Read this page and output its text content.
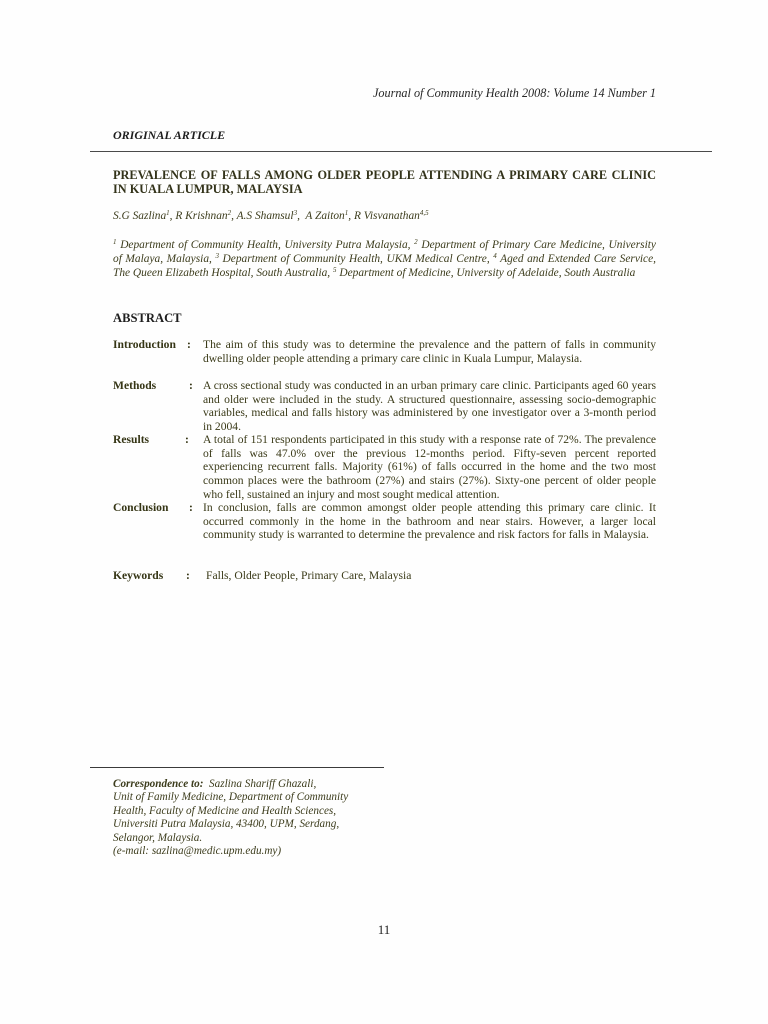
Journal of Community Health 2008: Volume 14 Number 1
ORIGINAL ARTICLE
PREVALENCE OF FALLS AMONG OLDER PEOPLE ATTENDING A PRIMARY CARE CLINIC IN KUALA LUMPUR, MALAYSIA
S.G Sazlina$^1$, R Krishnan$^2$, A.S Shamsul$^3$,  A Zaiton$^1$, R Visvanathan$^{4,5}$
$^1$ Department of Community Health, University Putra Malaysia, $^2$ Department of Primary Care Medicine, University of Malaya, Malaysia, $^3$ Department of Community Health, UKM Medical Centre, $^4$ Aged and Extended Care Service, The Queen Elizabeth Hospital, South Australia, $^5$ Department of Medicine, University of Adelaide, South Australia
ABSTRACT
Introduction : The aim of this study was to determine the prevalence and the pattern of falls in community dwelling older people attending a primary care clinic in Kuala Lumpur, Malaysia.
Methods	: A cross sectional study was conducted in an urban primary care clinic. Participants aged 60 years and older were included in the study. A structured questionnaire, assessing socio-demographic variables, medical and falls history was administered by one investigator over a 3-month period in 2004.
Results	: A total of 151 respondents participated in this study with a response rate of 72%. The prevalence of falls was 47.0% over the previous 12-months period. Fifty-seven percent reported experiencing recurrent falls. Majority (61%) of falls occurred in the home and the two most common places were the bathroom (27%) and stairs (27%). Sixty-one percent of older people who fell, sustained an injury and most sought medical attention.
Conclusion	: In conclusion, falls are common amongst older people attending this primary care clinic. It occurred commonly in the home in the bathroom and near stairs. However, a larger local community study is warranted to determine the prevalence and risk factors for falls in Malaysia.
Keywords	: Falls, Older People, Primary Care, Malaysia
Correspondence to: Sazlina Shariff Ghazali,
Unit of Family Medicine, Department of Community
Health, Faculty of Medicine and Health Sciences,
Universiti Putra Malaysia, 43400, UPM, Serdang,
Selangor, Malaysia.
(e-mail: sazlina@medic.upm.edu.my)
11
